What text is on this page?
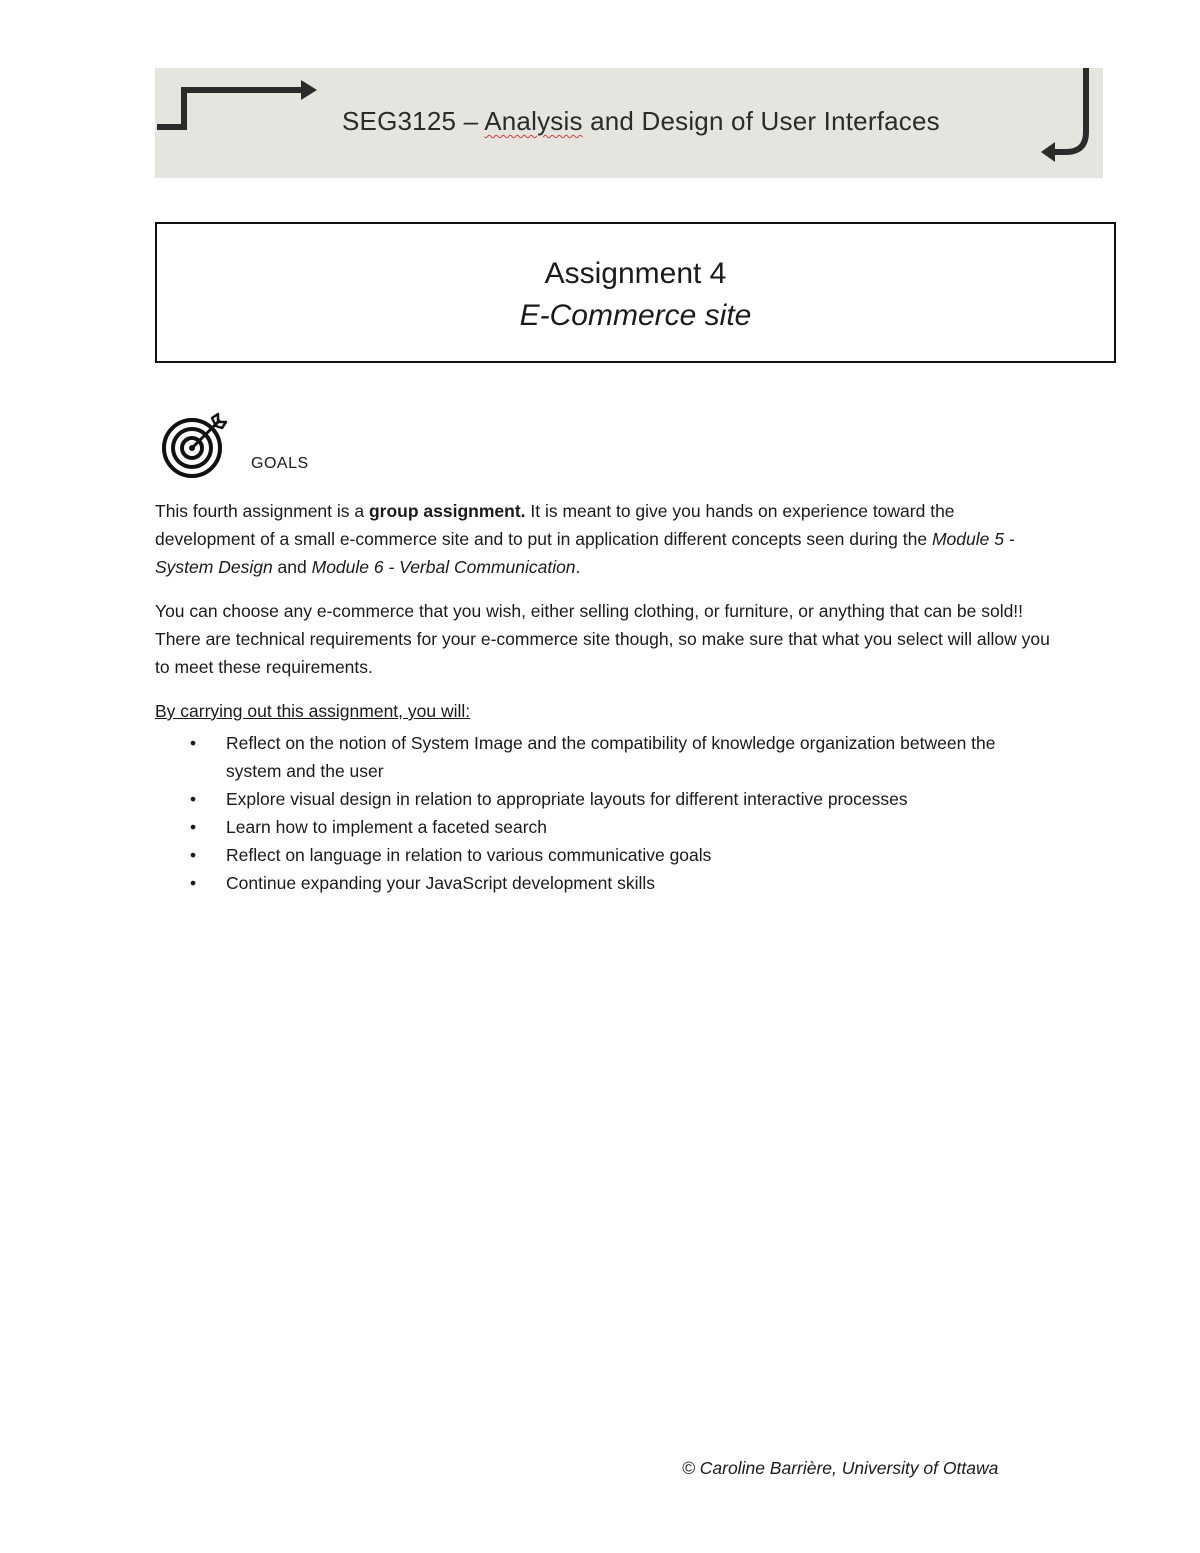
SEG3125 – Analysis and Design of User Interfaces
Assignment 4
E-Commerce site
GOALS

This fourth assignment is a group assignment. It is meant to give you hands on experience toward the development of a small e-commerce site and to put in application different concepts seen during the Module 5 - System Design and Module 6 - Verbal Communication.

You can choose any e-commerce that you wish, either selling clothing, or furniture, or anything that can be sold!! There are technical requirements for your e-commerce site though, so make sure that what you select will allow you to meet these requirements.

By carrying out this assignment, you will:

• Reflect on the notion of System Image and the compatibility of knowledge organization between the system and the user
• Explore visual design in relation to appropriate layouts for different interactive processes
• Learn how to implement a faceted search
• Reflect on language in relation to various communicative goals
• Continue expanding your JavaScript development skills
© Caroline Barrière, University of Ottawa
